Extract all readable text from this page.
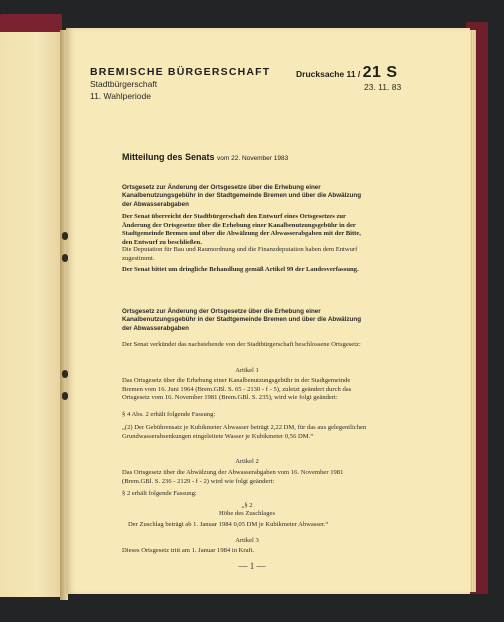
BREMISCHE BÜRGERSCHAFT
Stadtbürgerschaft
11. Wahlperiode
Drucksache 11 / 21 S
23. 11. 83
Mitteilung des Senats vom 22. November 1983
Ortsgesetz zur Änderung der Ortsgesetze über die Erhebung einer Kanalbenutzungsgebühr in der Stadtgemeinde Bremen und über die Abwälzung der Abwasserabgaben
Der Senat überreicht der Stadtbürgerschaft den Entwurf eines Ortsgesetzes zur Änderung der Ortsgesetze über die Erhebung einer Kanalbenutzungsgebühr in der Stadtgemeinde Bremen und über die Abwälzung der Abwasserabgaben mit der Bitte, den Entwurf zu beschließen.
Die Deputation für Bau und Raumordnung und die Finanzdeputation haben dem Entwurf zugestimmt.
Der Senat bittet um dringliche Behandlung gemäß Artikel 99 der Landesverfassung.
Ortsgesetz zur Änderung der Ortsgesetze über die Erhebung einer Kanalbenutzungsgebühr in der Stadtgemeinde Bremen und über die Abwälzung der Abwasserabgaben
Der Senat verkündet das nachstehende von der Stadtbürgerschaft beschlossene Ortsgesetz:
Artikel 1
Das Ortsgesetz über die Erhebung einer Kanalbenutzungsgebühr in der Stadtgemeinde Bremen vom 16. Juni 1964 (Brem.GBl. S. 65 - 2130 - f - 5), zuletzt geändert durch das Ortsgesetz vom 16. November 1981 (Brem.GBl. S. 235), wird wie folgt geändert:
§ 4 Abs. 2 erhält folgende Fassung:
„(2) Der Gebührensatz je Kubikmeter Abwasser beträgt 2,22 DM, für das aus gelegentlichen Grundwasserabsenkungen eingeleitete Wasser je Kubikmeter 0,56 DM.“
Artikel 2
Das Ortsgesetz über die Abwälzung der Abwasserabgaben vom 16. November 1981 (Brem.GBl. S. 236 - 2129 - f - 2) wird wie folgt geändert:
§ 2 erhält folgende Fassung:
„§ 2
Höhe des Zuschlages
Der Zuschlag beträgt ab 1. Januar 1984 0,05 DM je Kubikmeter Abwasser.“
Artikel 3
Dieses Ortsgesetz tritt am 1. Januar 1984 in Kraft.
— 1 —
